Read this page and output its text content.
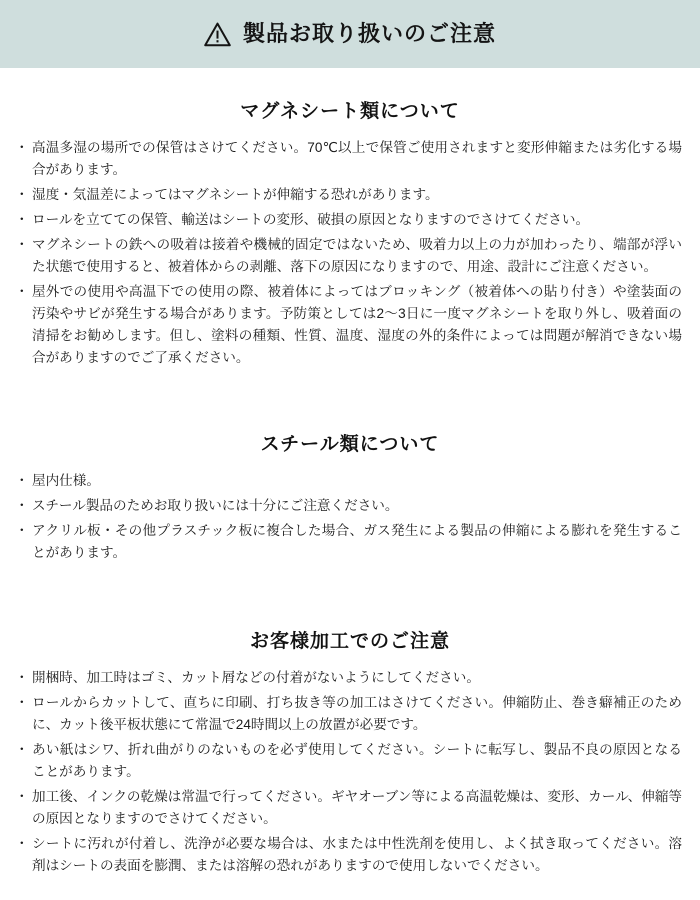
製品お取り扱いのご注意
マグネシート類について
・ 高温多湿の場所での保管はさけてください。70℃以上で保管ご使用されますと変形伸縮または劣化する場合があります。
・ 湿度・気温差によってはマグネシートが伸縮する恐れがあります。
・ ロールを立てての保管、輸送はシートの変形、破損の原因となりますのでさけてください。
・ マグネシートの鉄への吸着は接着や機械的固定ではないため、吸着力以上の力が加わったり、端部が浮いた状態で使用すると、被着体からの剥離、落下の原因になりますので、用途、設計にご注意ください。
・ 屋外での使用や高温下での使用の際、被着体によってはブロッキング（被着体への貼り付き）や塗装面の汚染やサビが発生する場合があります。予防策としては2～3日に一度マグネシートを取り外し、吸着面の清掃をお勧めします。但し、塗料の種類、性質、温度、湿度の外的条件によっては問題が解消できない場合がありますのでご了承ください。
スチール類について
・ 屋内仕様。
・ スチール製品のためお取り扱いには十分にご注意ください。
・ アクリル板・その他プラスチック板に複合した場合、ガス発生による製品の伸縮による膨れを発生することがあります。
お客様加工でのご注意
・ 開梱時、加工時はゴミ、カット屑などの付着がないようにしてください。
・ ロールからカットして、直ちに印刷、打ち抜き等の加工はさけてください。伸縮防止、巻き癖補正のために、カット後平板状態にて常温で24時間以上の放置が必要です。
・ あい紙はシワ、折れ曲がりのないものを必ず使用してください。シートに転写し、製品不良の原因となることがあります。
・ 加工後、インクの乾燥は常温で行ってください。ギヤオーブン等による高温乾燥は、変形、カール、伸縮等の原因となりますのでさけてください。
・ シートに汚れが付着し、洗浄が必要な場合は、水または中性洗剤を使用し、よく拭き取ってください。溶剤はシートの表面を膨潤、または溶解の恐れがありますので使用しないでください。
